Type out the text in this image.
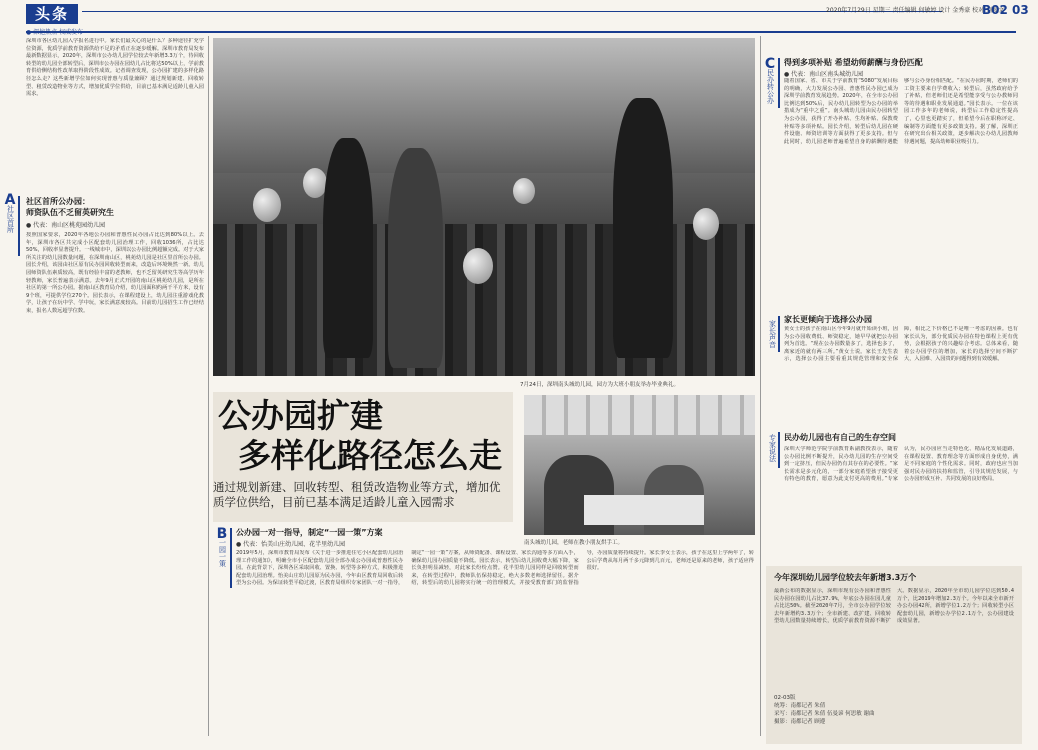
头条	2020年7月29日 星期三 责任编辑 何敏婷 设计 金秀豪 校对 刘俊文
B02 03
深圳市各区幼儿园入学报名进行中。家长们最关心的是什么？多种途径扩充学位资源，优质学前教育资源供给不足的矛盾正在逐步缓解。深圳市教育局发布最新数据显示，2020年，深圳市公办幼儿园学位较去年新增3.3万个，待回收转型的幼儿园全部转型后，深圳市公办园在园幼儿占比将达50%以上，学前教育供给侧结构性改革取得阶段性成效。记者调查发现，公办园扩建的多样化路径怎么走？这些新增学位如何实现普惠与质量兼顾？通过规划新建、回收转型、租赁改造物业等方式，增加优质学位供给，目前已基本满足适龄儿童入园需求。
A
社区首所
社区首所公办园：
师资队伍不乏留英研究生
● 代表：南山区桃苑园幼儿园
按照国家要求，2020年各地公办园和普惠性民办园占比达到80%以上。去年，深圳市各区共完成小区配套幼儿园治理工作，回收1036所，占比达50%，回收率显著提升。一线城市中，深圳以公办园比例超额完成。对于大家所关注的幼儿园数量问题，在深圳南山区，桃苑幼儿园是社区里首所公办园。园长介绍，该园由社区原有民办园回收转型而来，改造后环境焕然一新。幼儿园师资队伍素质较高，既有经验丰富的老教师，也不乏留英研究生等高学历年轻教师，家长普遍表示满意。去年9月正式开园的南山区桃苑幼儿园，是所在社区的第一所公办园。据南山区教育局介绍，幼儿园面积约两千平方米，设有9个班，可提供学位270个。园长表示，在课程建设上，幼儿园注重游戏化教学，让孩子在玩中学、学中玩，家长满意度较高。目前幼儿园招生工作已经结束，报名人数远超学位数。
7月24日，深圳南头城幼儿园，园方为大班小朋友举办毕业典礼。
公办园扩建
多样化路径怎么走
通过规划新建、回收转型、租赁改造物业等方式，增加优质学位供给，目前已基本满足适龄儿童入园需求
南头城幼儿园，老师在教小朋友烘手工。
B
一园一策
公办园一对一指导，制定“一园一策”方案
● 代表：怡美山庄幼儿园、花半里幼儿园
2019年5月，深圳市教育局发布《关于进一步推进住宅小区配套幼儿园治理工作的通知》，明确全市小区配套幼儿园全部办成公办园或普惠性民办园。在此背景下，深圳各区采取回收、置换、转型等多种方式，积极推进配套幼儿园治理。怡美山庄幼儿园原为民办园，今年由区教育局回收后转型为公办园。为保证转型平稳过渡，区教育局组织专家团队一对一指导，制定“一园一策”方案，从师资配备、课程设置、家长沟通等多方面入手，确保幼儿园办园质量不降低。园长表示，转型后幼儿园收费大幅下降，家长负担明显减轻，对此家长纷纷点赞。花半里幼儿园同样是回收转型而来，在转型过程中，教师队伍保持稳定，绝大多数老师选择留任。据介绍，转型后的幼儿园将实行统一的管理模式，并接受教育部门的监督指导，办园质量将持续提升。家长李女士表示，孩子在这里上学两年了，转公后学费从每月两千多元降到几百元，老师还是原来的老师，孩子适应得很好。
C
民办转公办
得到多项补贴 希望幼师薪酬与身份匹配
● 代表：南山区南头城幼儿园
随着国家、省、市关于学前教育“5080”发展目标的明确，大力发展公办园、普惠性民办园已成为深圳学前教育发展趋势。2020年，在全市公办园比例达到50%后，民办幼儿园转型为公办园的举措成为“重中之重”。南头城幼儿园由民办园转型为公办园，获得了开办补贴、生均补贴、保教费补贴等多项补贴。园长介绍，转型后幼儿园在硬件设施、师资培训等方面获得了更多支持。但与此同时，幼儿园老师普遍希望自身的薪酬待遇能够与公办身份相匹配。“在民办园时期，老师们的工资主要来自学费收入；转型后，虽然政府给予了补贴，但老师们还是希望能享受与公办教师同等的待遇和职业发展通道。”园长表示。一位在该园工作多年的老师说，转型后工作稳定性提高了，心里也更踏实了，但希望今后在职称评定、编制等方面能有更多政策支持。据了解，深圳正在研究出台相关政策，逐步解决公办幼儿园教师待遇问题，提高幼师职业吸引力。
家长声音
家长更倾向于选择公办园
黄女士的孩子在南山区今年9月就开始读小班，因为公办园收费低、师资稳定，她早早就把公办园列为首选。“现在公办园数量多了，选择也多了，离家近的就有两三所。”黄女士说。家长王先生表示，选择公办园主要看重其规范管理和安全保障，相比之下价格已不是唯一考虑的因素。也有家长认为，部分优质民办园在特色课程上更有优势，会根据孩子的兴趣综合考虑。总体来看，随着公办园学位的增加，家长的选择空间不断扩大，入园难、入园贵的问题得到有效缓解。
专家说法 民办幼儿园也有自己的生存空间
深圳大学师范学院学前教育系副教授表示，随着公办园比例不断提升，民办幼儿园的生存空间受到一定挤压，但民办园仍有其存在的必要性。“家长需求是多元化的，一部分家庭希望孩子接受更有特色的教育，愿意为此支付更高的费用。”专家认为，民办园应当走特色化、精品化发展道路，在课程设置、教育理念等方面形成自身优势，满足不同家庭的个性化需求。同时，政府也应当加强对民办园的扶持和监管，引导其规范发展，与公办园形成互补、共同发展的良好格局。
今年深圳幼儿园学位较去年新增3.3万个
最新公布的数据显示，深圳市现有公办园和普惠性民办园在园幼儿占比37.9%，年底公办园在园儿童占比达50%。截至2020年7月，全市公办园学位较去年新增约3.3万个；全市新建、改扩建、回收转型幼儿园数量持续增长，优质学前教育资源不断扩大。数据显示，2020年全市幼儿园学位达到50.4万个，比2019年增加2.3万个。今年以来全市新开办公办园42所，新增学位1.2万个；回收转型小区配套幼儿园，新增公办学位2.1万个，公办园建设成效显著。
02-03版
统筹：南都记者 朱倩
采写：南都记者 朱倩 伍曼谚 何思敏 谢曲
摄影：南都记者 顾遵
